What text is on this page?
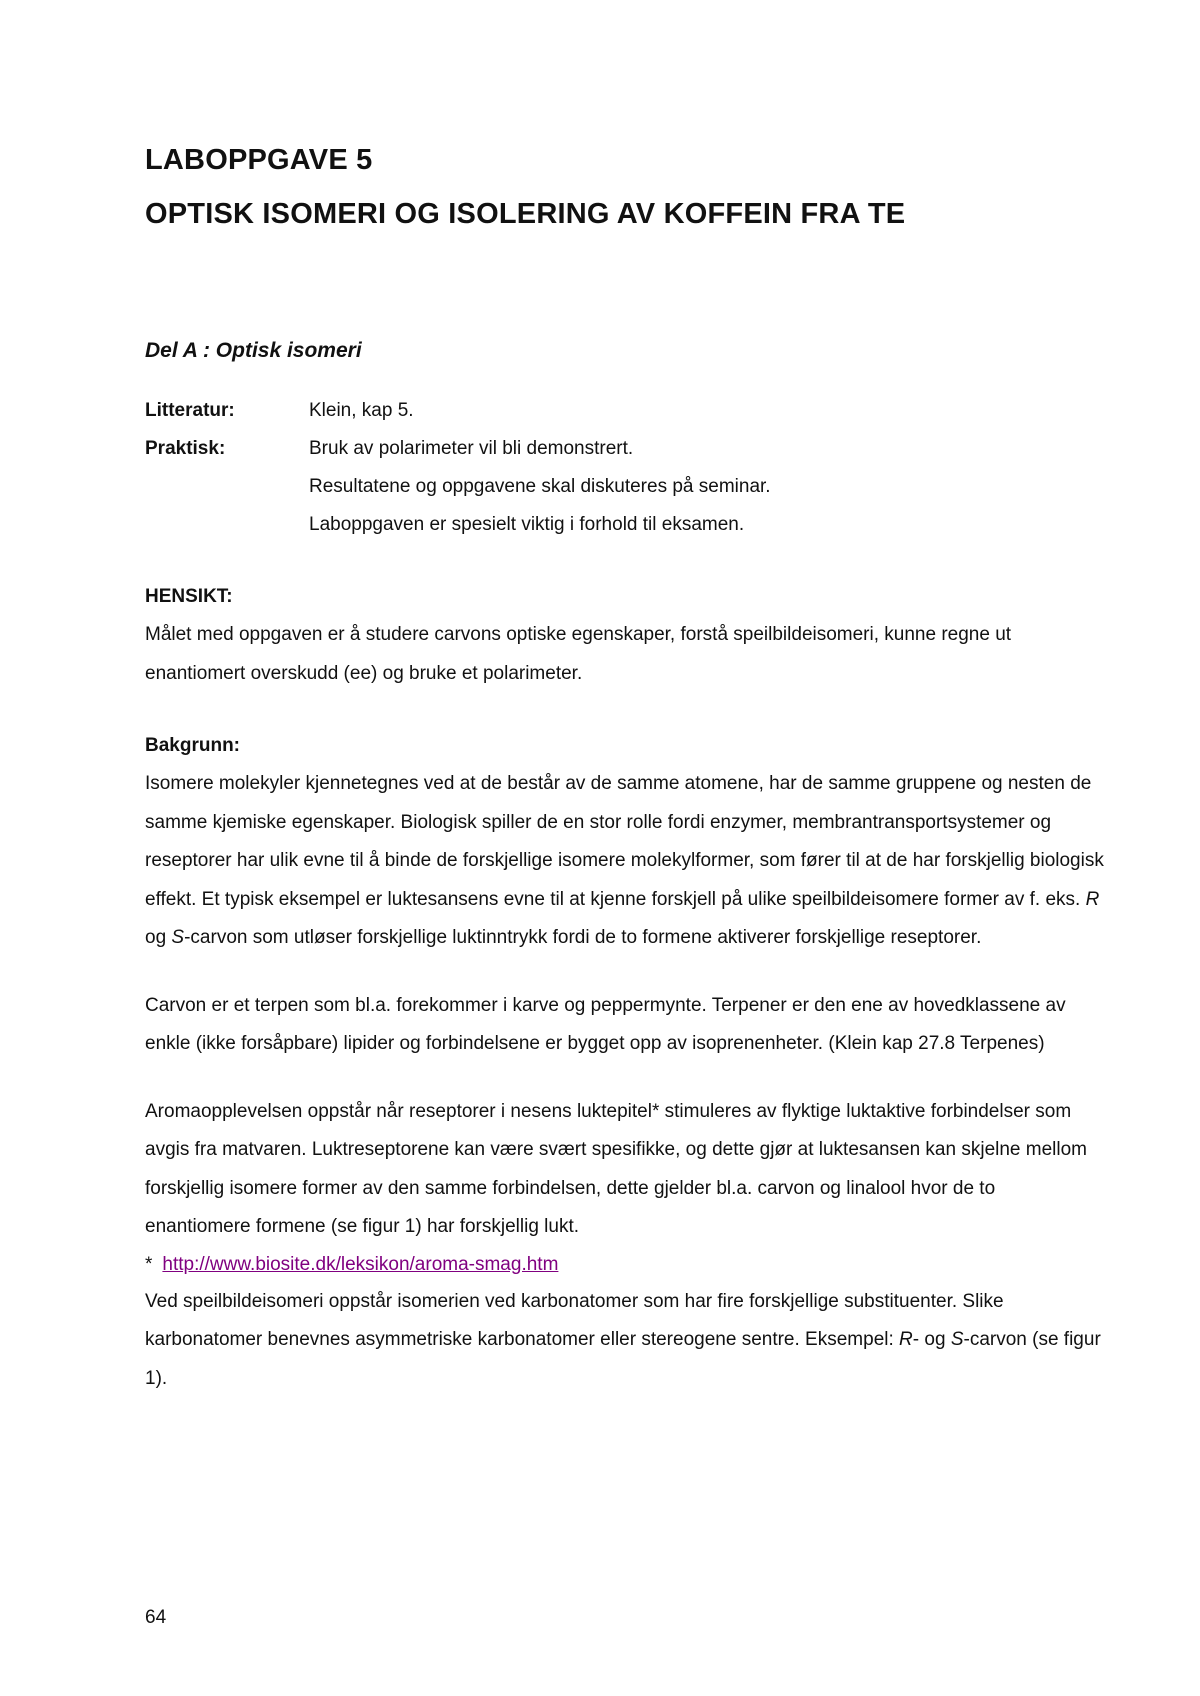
LABOPPGAVE 5
OPTISK ISOMERI OG ISOLERING AV KOFFEIN FRA TE
Del A : Optisk isomeri
Litteratur:	Klein, kap 5.
Praktisk:	Bruk av polarimeter vil bli demonstrert.
Resultatene og oppgavene skal diskuteres på seminar.
Laboppgaven er spesielt viktig i forhold til eksamen.
HENSIKT:

Målet med oppgaven er å studere carvons optiske egenskaper, forstå speilbildeisomeri, kunne regne ut enantiomert overskudd (ee) og bruke et polarimeter.

Bakgrunn:

Isomere molekyler kjennetegnes ved at de består av de samme atomene, har de samme gruppene og nesten de samme kjemiske egenskaper. Biologisk spiller de en stor rolle fordi enzymer, membrantransportsystemer og reseptorer har ulik evne til å binde de forskjellige isomere molekylformer, som fører til at de har forskjellig biologisk effekt. Et typisk eksempel er luktesansens evne til at kjenne forskjell på ulike speilbildeisomere former av f. eks. R og S-carvon som utløser forskjellige luktinntrykk fordi de to formene aktiverer forskjellige reseptorer.

Carvon er et terpen som bl.a. forekommer i karve og peppermynte. Terpener er den ene av hovedklassene av enkle (ikke forsåpbare) lipider og forbindelsene er bygget opp av isoprenenheter. (Klein kap 27.8 Terpenes)

Aromaopplevelsen oppstår når reseptorer i nesens luktepitel* stimuleres av flyktige luktaktive forbindelser som avgis fra matvaren. Luktreseptorene kan være svært spesifikke, og dette gjør at luktesansen kan skjelne mellom forskjellig isomere former av den samme forbindelsen, dette gjelder bl.a. carvon og linalool hvor de to enantiomere formene (se figur 1) har forskjellig lukt.

* http://www.biosite.dk/leksikon/aroma-smag.htm

Ved speilbildeisomeri oppstår isomerien ved karbonatomer som har fire forskjellige substituenter. Slike karbonatomer benevnes asymmetriske karbonatomer eller stereogene sentre. Eksempel: R- og S-carvon (se figur 1).

64
